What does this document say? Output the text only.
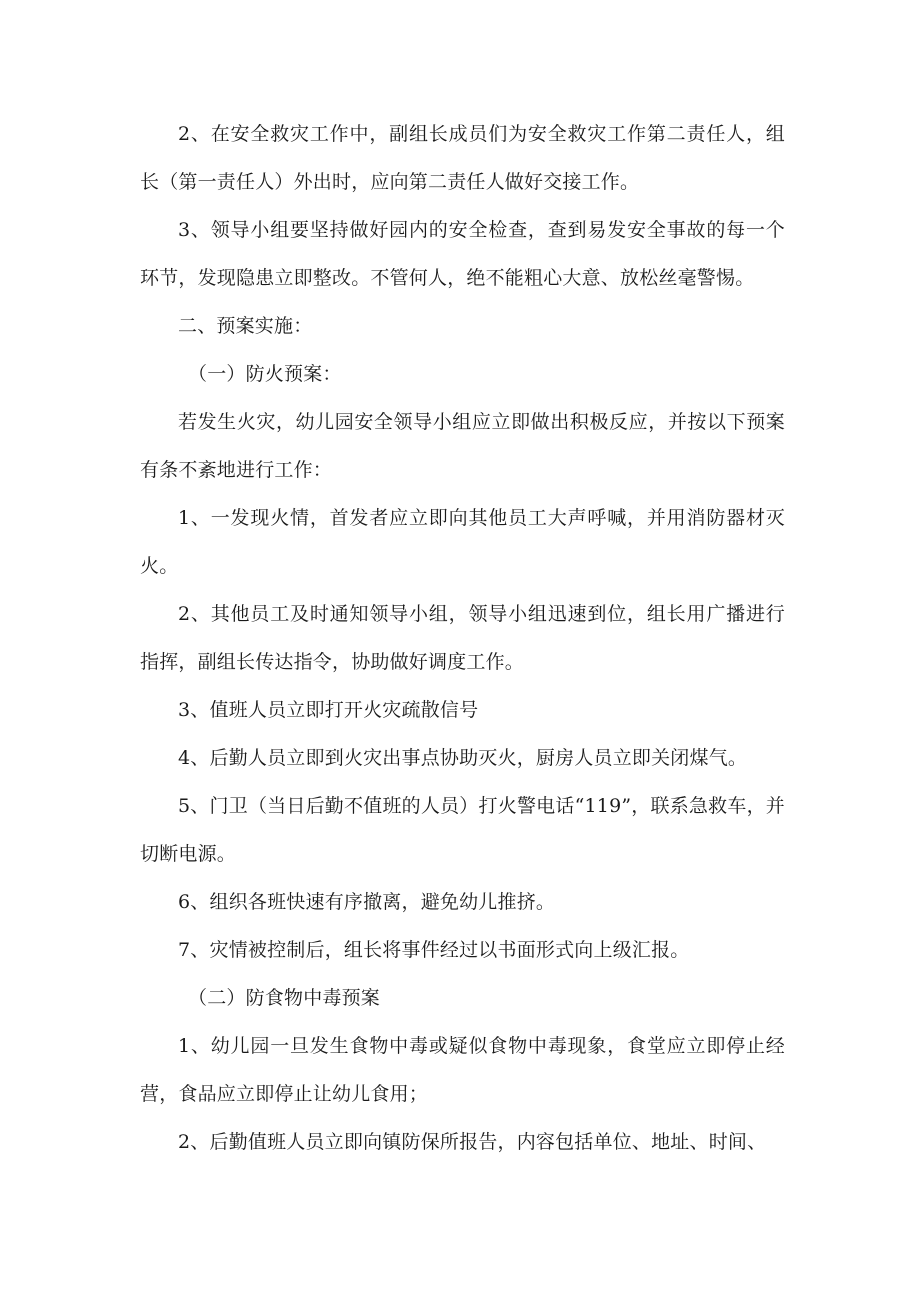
2、在安全救灾工作中，副组长成员们为安全救灾工作第二责任人，组长（第一责任人）外出时，应向第二责任人做好交接工作。

3、领导小组要坚持做好园内的安全检查，查到易发安全事故的每一个环节，发现隐患立即整改。不管何人，绝不能粗心大意、放松丝毫警惕。

二、预案实施：

（一）防火预案：

若发生火灾，幼儿园安全领导小组应立即做出积极反应，并按以下预案有条不紊地进行工作：

1、一发现火情，首发者应立即向其他员工大声呼喊，并用消防器材灭火。

2、其他员工及时通知领导小组，领导小组迅速到位，组长用广播进行指挥，副组长传达指令，协助做好调度工作。

3、值班人员立即打开火灾疏散信号

4、后勤人员立即到火灾出事点协助灭火，厨房人员立即关闭煤气。

5、门卫（当日后勤不值班的人员）打火警电话“119”，联系急救车，并切断电源。

6、组织各班快速有序撤离，避免幼儿推挤。

7、灾情被控制后，组长将事件经过以书面形式向上级汇报。

（二）防食物中毒预案

1、幼儿园一旦发生食物中毒或疑似食物中毒现象，食堂应立即停止经营，食品应立即停止让幼儿食用；

2、后勤值班人员立即向镇防保所报告，内容包括单位、地址、时间、
